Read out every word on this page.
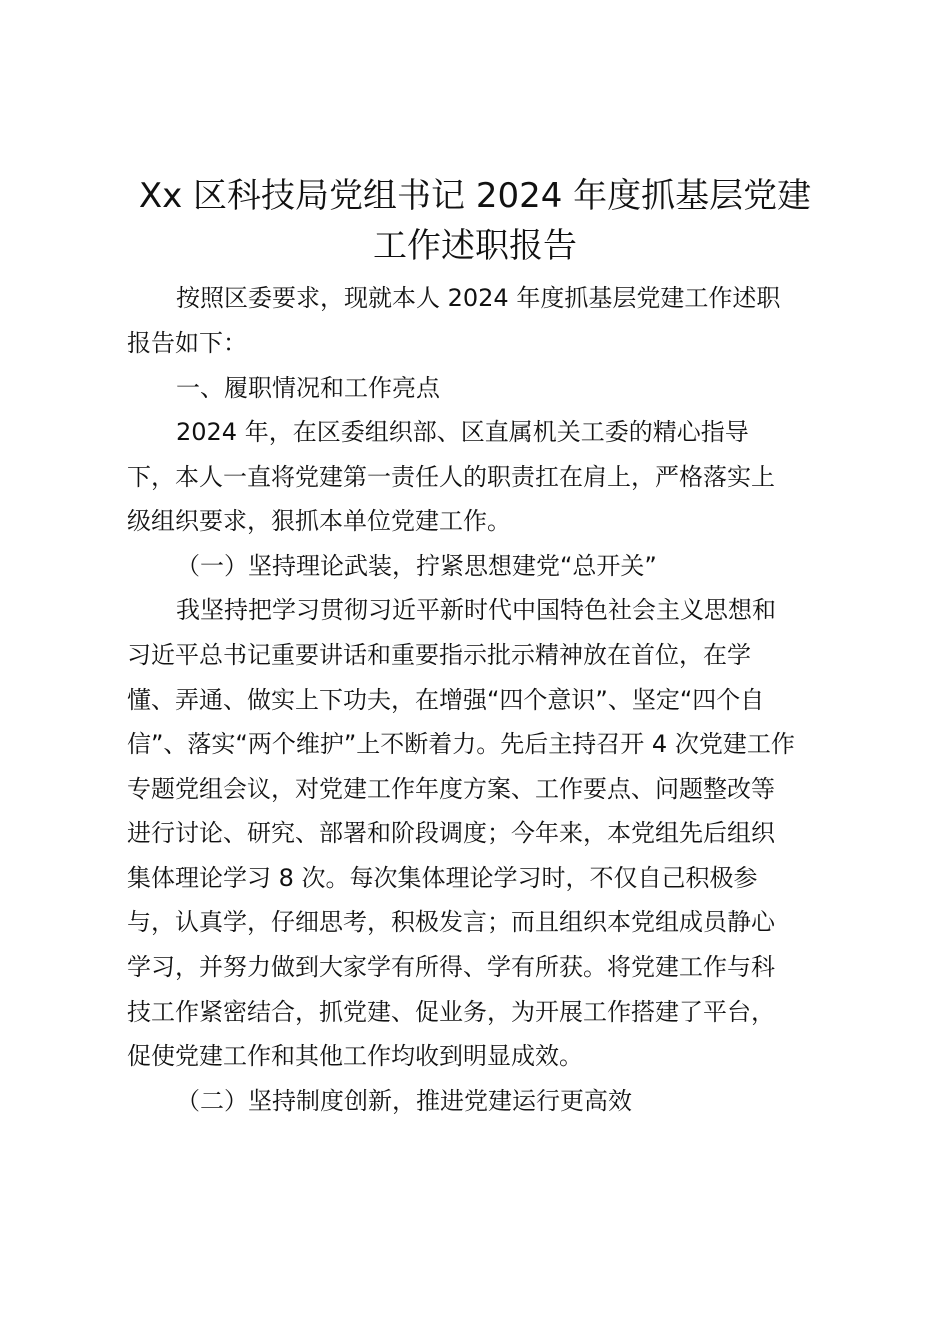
Xx 区科技局党组书记 2024 年度抓基层党建
工作述职报告

按照区委要求，现就本人 2024 年度抓基层党建工作述职

报告如下：

一、履职情况和工作亮点

2024 年，在区委组织部、区直属机关工委的精心指导

下，本人一直将党建第一责任人的职责扛在肩上，严格落实上

级组织要求，狠抓本单位党建工作。

（一）坚持理论武装，拧紧思想建党“总开关”

我坚持把学习贯彻习近平新时代中国特色社会主义思想和

习近平总书记重要讲话和重要指示批示精神放在首位，在学

懂、弄通、做实上下功夫，在增强“四个意识”、坚定“四个自

信”、落实“两个维护”上不断着力。先后主持召开 4 次党建工作

专题党组会议，对党建工作年度方案、工作要点、问题整改等

进行讨论、研究、部署和阶段调度；今年来，本党组先后组织

集体理论学习 8 次。每次集体理论学习时，不仅自己积极参

与，认真学，仔细思考，积极发言；而且组织本党组成员静心

学习，并努力做到大家学有所得、学有所获。将党建工作与科

技工作紧密结合，抓党建、促业务，为开展工作搭建了平台，

促使党建工作和其他工作均收到明显成效。

（二）坚持制度创新，推进党建运行更高效
